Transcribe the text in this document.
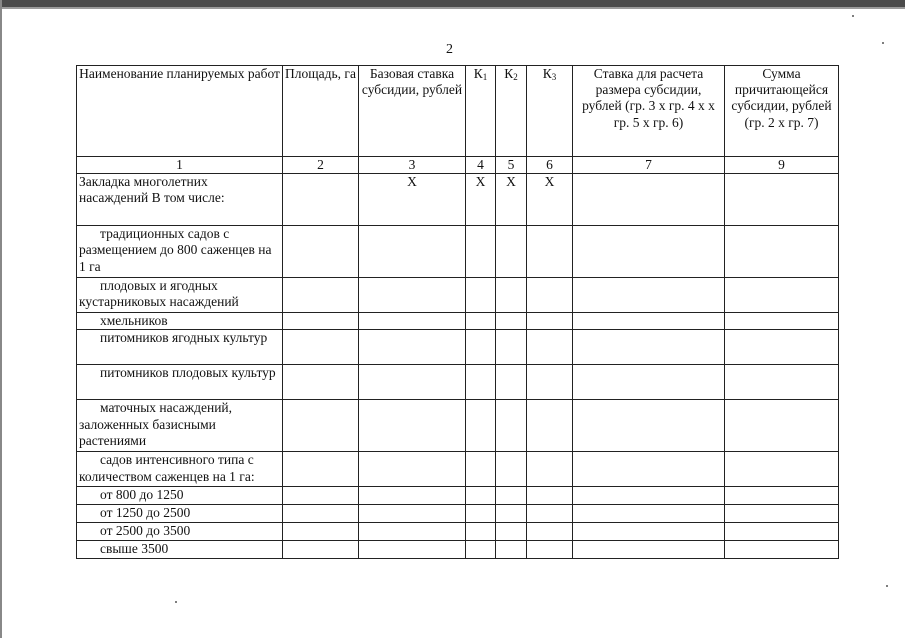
2
Наименование планируемых работ	Площадь, га	Базовая ставка субсидии, рублей	$К_1$	$К_2$	$К_3$	Ставка для расчета размера субсидии, рублей (гр. 3 х гр. 4 х х гр. 5 х гр. 6)	Сумма причитающейся субсидии, рублей (гр. 2 х гр. 7)
1	2	3	4	5	6	7	9
Закладка многолетних насаждений В том числе:		Х	Х	Х	Х		
традиционных садов с размещением до 800 саженцев на 1 га							
плодовых и ягодных кустарниковых насаждений							
хмельников							
питомников ягодных культур							
питомников плодовых культур							
маточных насаждений, заложенных базисными растениями							
садов интенсивного типа с количеством саженцев на 1 га:							
от 800 до 1250							
от 1250 до 2500							
от 2500 до 3500							
свыше 3500							
